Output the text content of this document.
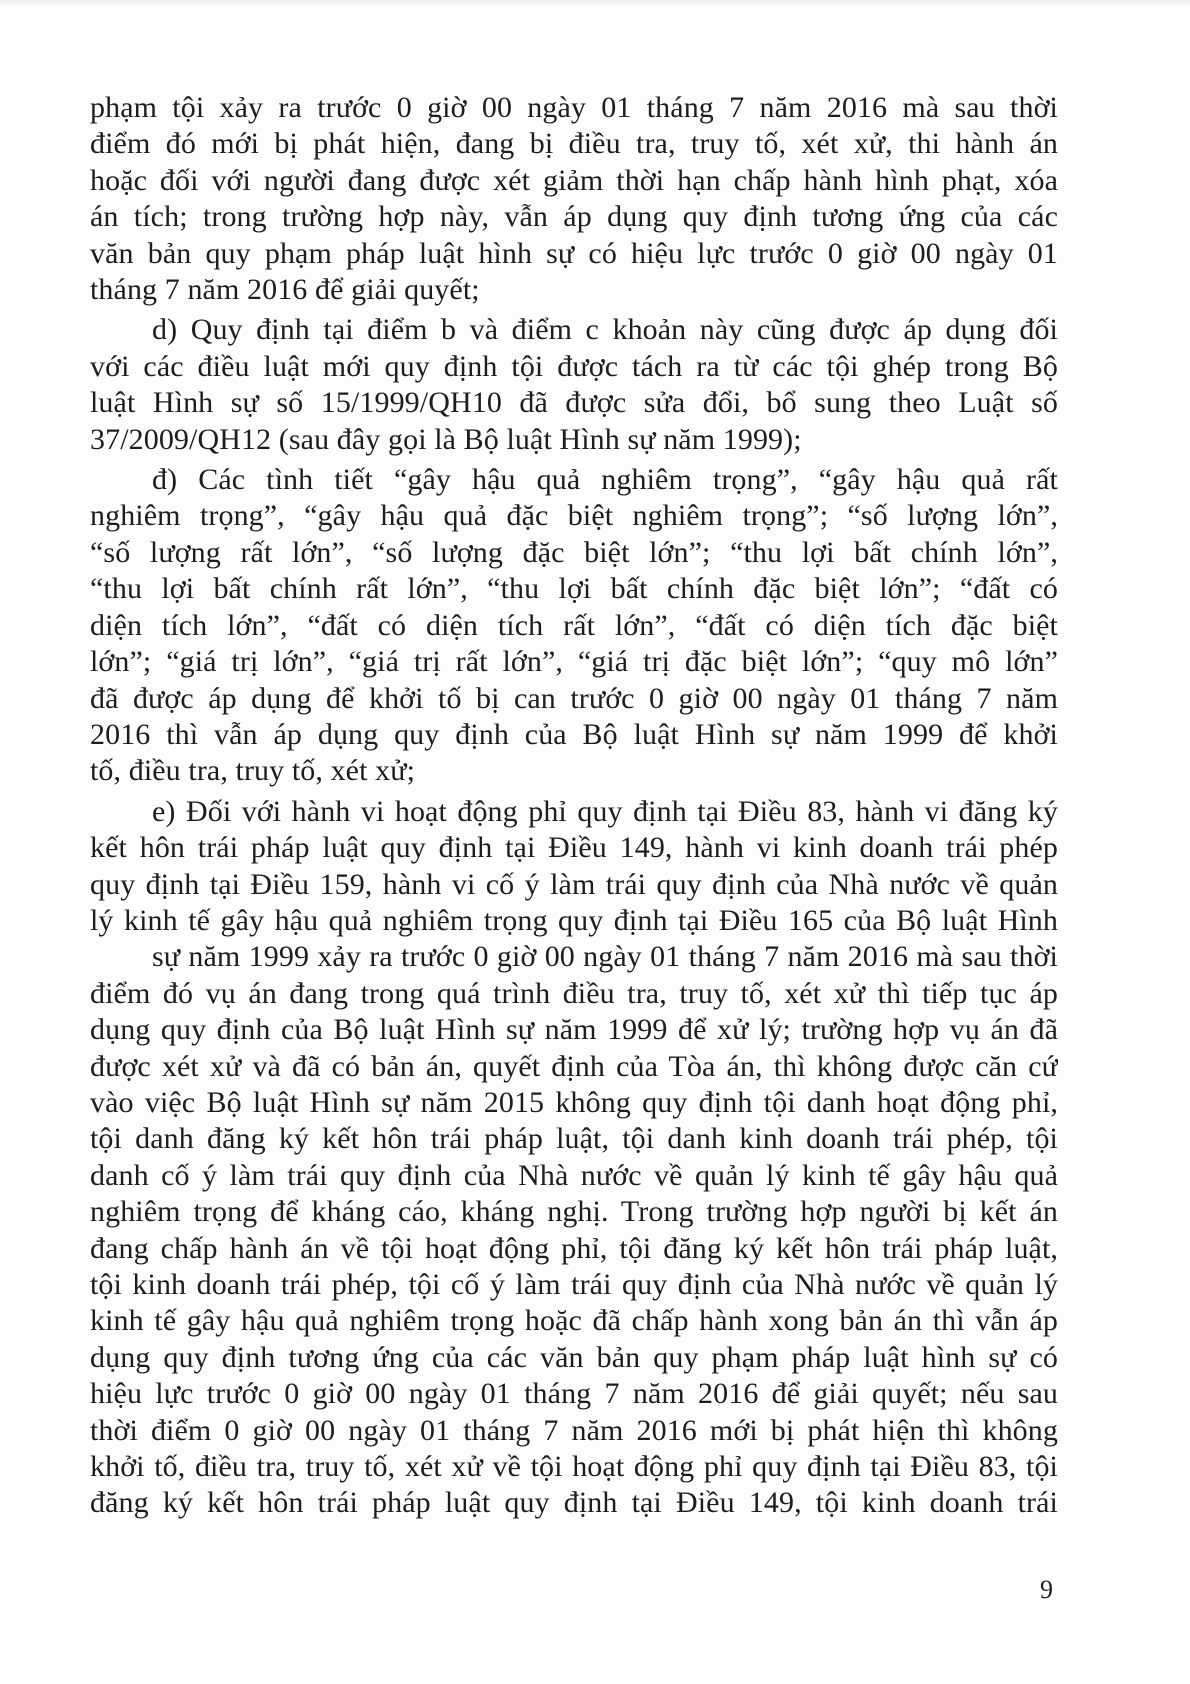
phạm tội xảy ra trước 0 giờ 00 ngày 01 tháng 7 năm 2016 mà sau thời
điểm đó mới bị phát hiện, đang bị điều tra, truy tố, xét xử, thi hành án
hoặc đối với người đang được xét giảm thời hạn chấp hành hình phạt, xóa
án tích; trong trường hợp này, vẫn áp dụng quy định tương ứng của các
văn bản quy phạm pháp luật hình sự có hiệu lực trước 0 giờ 00 ngày 01
tháng 7 năm 2016 để giải quyết;
d) Quy định tại điểm b và điểm c khoản này cũng được áp dụng đối
với các điều luật mới quy định tội được tách ra từ các tội ghép trong Bộ
luật Hình sự số 15/1999/QH10 đã được sửa đổi, bổ sung theo Luật số
37/2009/QH12 (sau đây gọi là Bộ luật Hình sự năm 1999);
đ) Các tình tiết “gây hậu quả nghiêm trọng”, “gây hậu quả rất
nghiêm trọng”, “gây hậu quả đặc biệt nghiêm trọng”; “số lượng lớn”,
“số lượng rất lớn”, “số lượng đặc biệt lớn”; “thu lợi bất chính lớn”,
“thu lợi bất chính rất lớn”, “thu lợi bất chính đặc biệt lớn”; “đất có
diện tích lớn”, “đất có diện tích rất lớn”, “đất có diện tích đặc biệt
lớn”; “giá trị lớn”, “giá trị rất lớn”, “giá trị đặc biệt lớn”; “quy mô lớn”
đã được áp dụng để khởi tố bị can trước 0 giờ 00 ngày 01 tháng 7 năm
2016 thì vẫn áp dụng quy định của Bộ luật Hình sự năm 1999 để khởi
tố, điều tra, truy tố, xét xử;
e) Đối với hành vi hoạt động phỉ quy định tại Điều 83, hành vi đăng ký
kết hôn trái pháp luật quy định tại Điều 149, hành vi kinh doanh trái phép
quy định tại Điều 159, hành vi cố ý làm trái quy định của Nhà nước về quản
lý kinh tế gây hậu quả nghiêm trọng quy định tại Điều 165 của Bộ luật Hình
sự năm 1999 xảy ra trước 0 giờ 00 ngày 01 tháng 7 năm 2016 mà sau thời
điểm đó vụ án đang trong quá trình điều tra, truy tố, xét xử thì tiếp tục áp
dụng quy định của Bộ luật Hình sự năm 1999 để xử lý; trường hợp vụ án đã
được xét xử và đã có bản án, quyết định của Tòa án, thì không được căn cứ
vào việc Bộ luật Hình sự năm 2015 không quy định tội danh hoạt động phỉ,
tội danh đăng ký kết hôn trái pháp luật, tội danh kinh doanh trái phép, tội
danh cố ý làm trái quy định của Nhà nước về quản lý kinh tế gây hậu quả
nghiêm trọng để kháng cáo, kháng nghị. Trong trường hợp người bị kết án
đang chấp hành án về tội hoạt động phỉ, tội đăng ký kết hôn trái pháp luật,
tội kinh doanh trái phép, tội cố ý làm trái quy định của Nhà nước về quản lý
kinh tế gây hậu quả nghiêm trọng hoặc đã chấp hành xong bản án thì vẫn áp
dụng quy định tương ứng của các văn bản quy phạm pháp luật hình sự có
hiệu lực trước 0 giờ 00 ngày 01 tháng 7 năm 2016 để giải quyết; nếu sau
thời điểm 0 giờ 00 ngày 01 tháng 7 năm 2016 mới bị phát hiện thì không
khởi tố, điều tra, truy tố, xét xử về tội hoạt động phỉ quy định tại Điều 83, tội
đăng ký kết hôn trái pháp luật quy định tại Điều 149, tội kinh doanh trái
9
